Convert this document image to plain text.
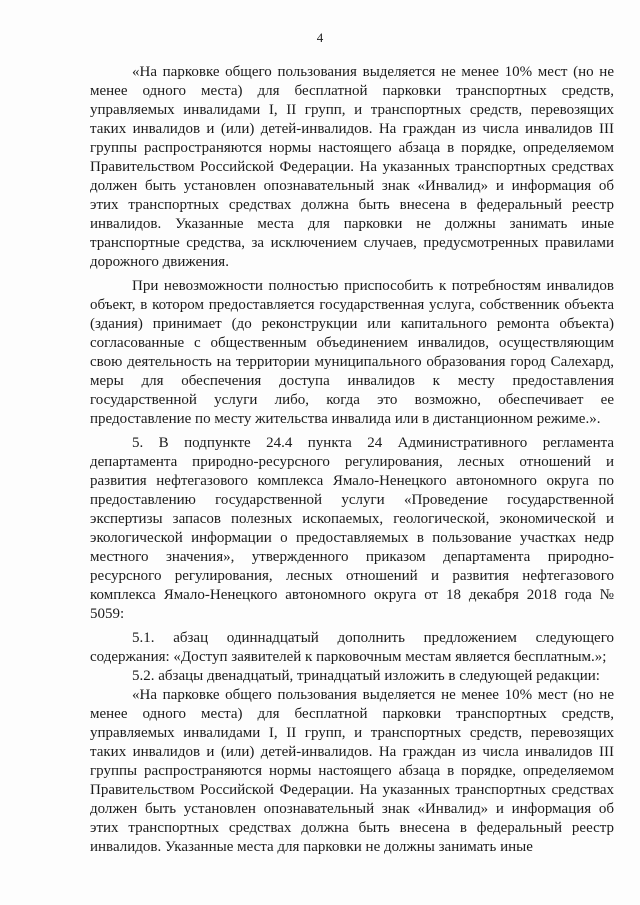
4

«На парковке общего пользования выделяется не менее 10% мест (но не менее одного места) для бесплатной парковки транспортных средств, управляемых инвалидами I, II групп, и транспортных средств, перевозящих таких инвалидов и (или) детей-инвалидов. На граждан из числа инвалидов III группы распространяются нормы настоящего абзаца в порядке, определяемом Правительством Российской Федерации. На указанных транспортных средствах должен быть установлен опознавательный знак «Инвалид» и информация об этих транспортных средствах должна быть внесена в федеральный реестр инвалидов. Указанные места для парковки не должны занимать иные транспортные средства, за исключением случаев, предусмотренных правилами дорожного движения.

При невозможности полностью приспособить к потребностям инвалидов объект, в котором предоставляется государственная услуга, собственник объекта (здания) принимает (до реконструкции или капитального ремонта объекта) согласованные с общественным объединением инвалидов, осуществляющим свою деятельность на территории муниципального образования город Салехард, меры для обеспечения доступа инвалидов к месту предоставления государственной услуги либо, когда это возможно, обеспечивает ее предоставление по месту жительства инвалида или в дистанционном режиме.».

5. В подпункте 24.4 пункта 24 Административного регламента департамента природно-ресурсного регулирования, лесных отношений и развития нефтегазового комплекса Ямало-Ненецкого автономного округа по предоставлению государственной услуги «Проведение государственной экспертизы запасов полезных ископаемых, геологической, экономической и экологической информации о предоставляемых в пользование участках недр местного значения», утвержденного приказом департамента природно-ресурсного регулирования, лесных отношений и развития нефтегазового комплекса Ямало-Ненецкого автономного округа от 18 декабря 2018 года № 5059:

5.1. абзац одиннадцатый дополнить предложением следующего содержания: «Доступ заявителей к парковочным местам является бесплатным.»;

5.2. абзацы двенадцатый, тринадцатый изложить в следующей редакции:

«На парковке общего пользования выделяется не менее 10% мест (но не менее одного места) для бесплатной парковки транспортных средств, управляемых инвалидами I, II групп, и транспортных средств, перевозящих таких инвалидов и (или) детей-инвалидов. На граждан из числа инвалидов III группы распространяются нормы настоящего абзаца в порядке, определяемом Правительством Российской Федерации. На указанных транспортных средствах должен быть установлен опознавательный знак «Инвалид» и информация об этих транспортных средствах должна быть внесена в федеральный реестр инвалидов. Указанные места для парковки не должны занимать иные
